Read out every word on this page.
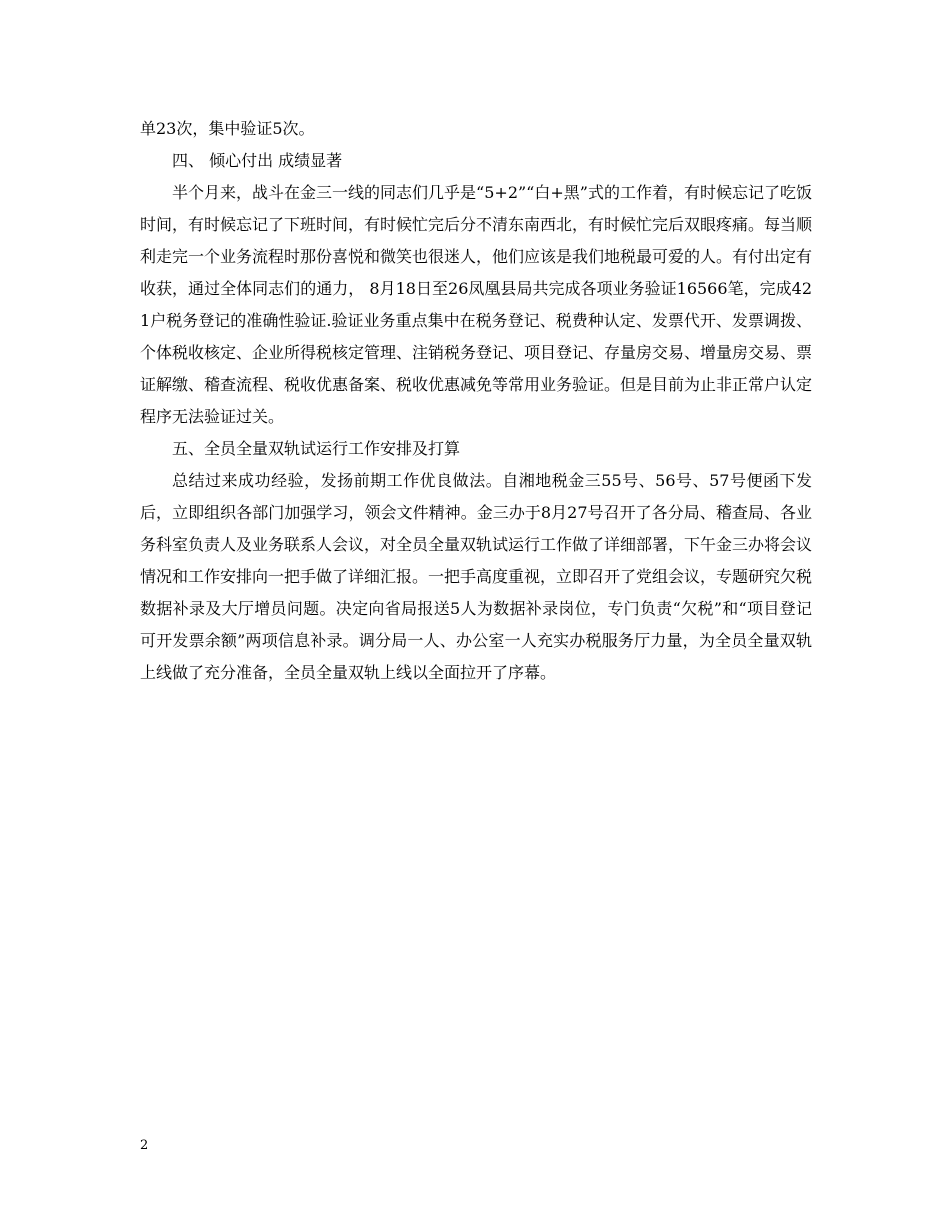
单23次，集中验证5次。

四、 倾心付出 成绩显著

半个月来，战斗在金三一线的同志们几乎是“5+2”“白+黑”式的工作着，有时候忘记了吃饭时间，有时候忘记了下班时间，有时候忙完后分不清东南西北，有时候忙完后双眼疼痛。每当顺利走完一个业务流程时那份喜悦和微笑也很迷人，他们应该是我们地税最可爱的人。有付出定有收获，通过全体同志们的通力， 8月18日至26凤凰县局共完成各项业务验证16566笔，完成421户税务登记的准确性验证.验证业务重点集中在税务登记、税费种认定、发票代开、发票调拨、个体税收核定、企业所得税核定管理、注销税务登记、项目登记、存量房交易、增量房交易、票证解缴、稽查流程、税收优惠备案、税收优惠减免等常用业务验证。但是目前为止非正常户认定程序无法验证过关。

五、全员全量双轨试运行工作安排及打算

总结过来成功经验，发扬前期工作优良做法。自湘地税金三55号、56号、57号便函下发后，立即组织各部门加强学习，领会文件精神。金三办于8月27号召开了各分局、稽查局、各业务科室负责人及业务联系人会议，对全员全量双轨试运行工作做了详细部署，下午金三办将会议情况和工作安排向一把手做了详细汇报。一把手高度重视，立即召开了党组会议，专题研究欠税数据补录及大厅增员问题。决定向省局报送5人为数据补录岗位，专门负责“欠税”和“项目登记可开发票余额”两项信息补录。调分局一人、办公室一人充实办税服务厅力量，为全员全量双轨上线做了充分准备，全员全量双轨上线以全面拉开了序幕。

2
